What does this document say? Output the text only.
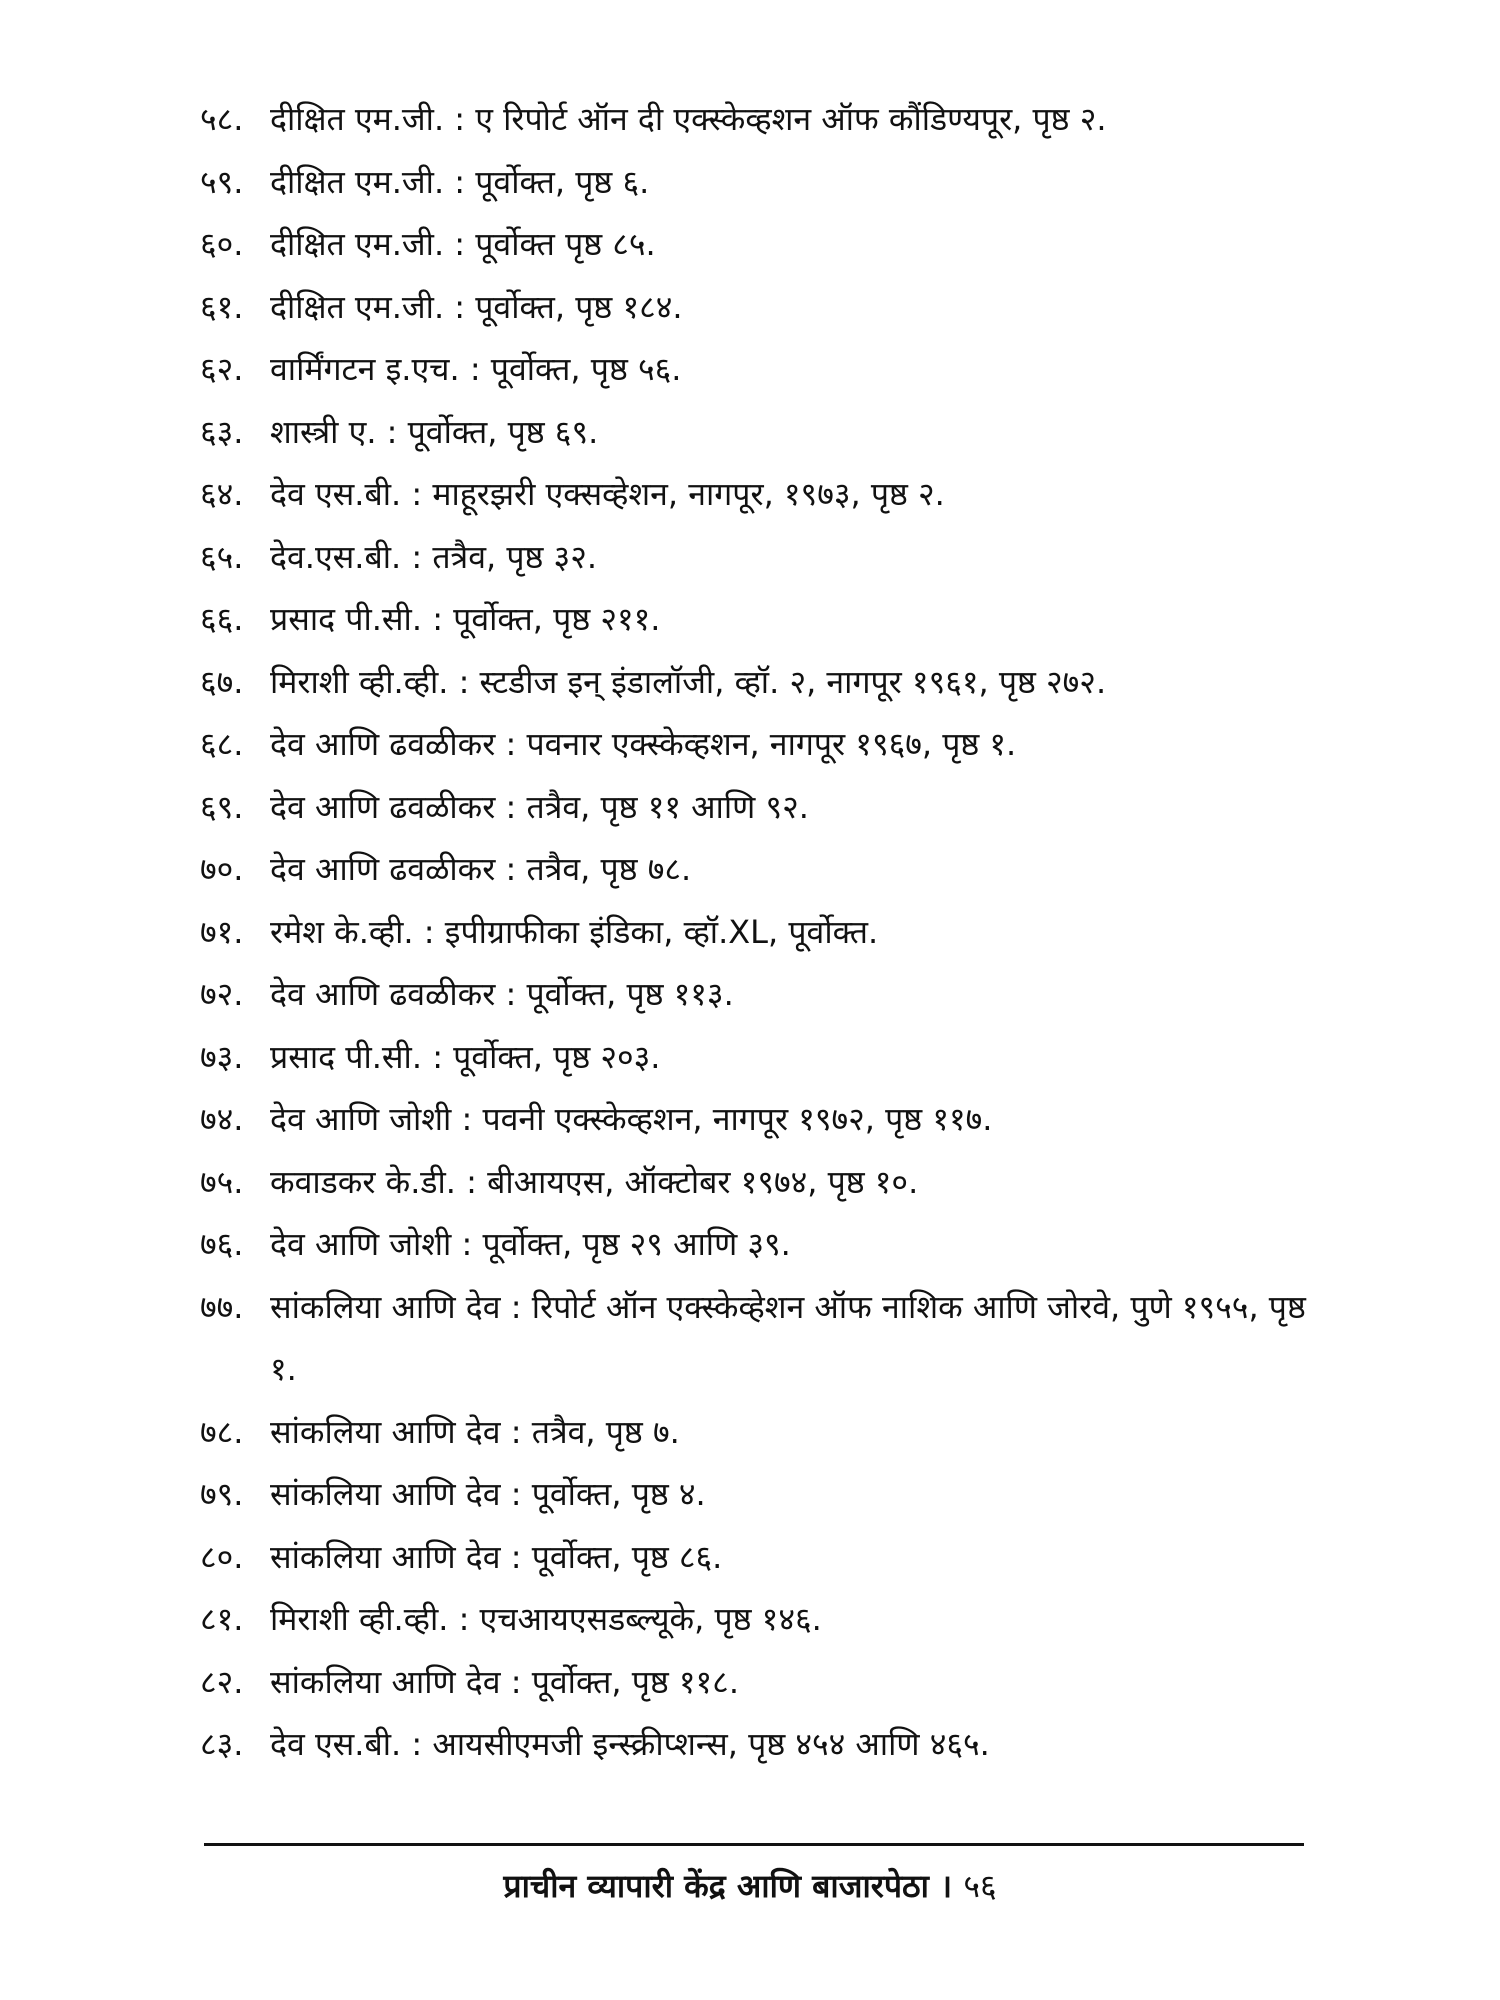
५८. दीक्षित एम.जी. : ए रिपोर्ट ऑन दी एक्स्केव्हशन ऑफ कौंडिण्यपूर, पृष्ठ २.
५९. दीक्षित एम.जी. : पूर्वोक्त, पृष्ठ ६.
६०. दीक्षित एम.जी. : पूर्वोक्त पृष्ठ ८५.
६१. दीक्षित एम.जी. : पूर्वोक्त, पृष्ठ १८४.
६२. वार्मिंगटन इ.एच. : पूर्वोक्त, पृष्ठ ५६.
६३. शास्त्री ए. : पूर्वोक्त, पृष्ठ ६९.
६४. देव एस.बी. : माहूरझरी एक्सव्हेशन, नागपूर, १९७३, पृष्ठ २.
६५. देव.एस.बी. : तत्रैव, पृष्ठ ३२.
६६. प्रसाद पी.सी. : पूर्वोक्त, पृष्ठ २११.
६७. मिराशी व्ही.व्ही. : स्टडीज इन् इंडालॉजी, व्हॉ. २, नागपूर १९६१, पृष्ठ २७२.
६८. देव आणि ढवळीकर : पवनार एक्स्केव्हशन, नागपूर १९६७, पृष्ठ १.
६९. देव आणि ढवळीकर : तत्रैव, पृष्ठ ११ आणि ९२.
७०. देव आणि ढवळीकर : तत्रैव, पृष्ठ ७८.
७१. रमेश के.व्ही. : इपीग्राफीका इंडिका, व्हॉ.XL, पूर्वोक्त.
७२. देव आणि ढवळीकर : पूर्वोक्त, पृष्ठ ११३.
७३. प्रसाद पी.सी. : पूर्वोक्त, पृष्ठ २०३.
७४. देव आणि जोशी : पवनी एक्स्केव्हशन, नागपूर १९७२, पृष्ठ ११७.
७५. कवाडकर के.डी. : बीआयएस, ऑक्टोबर १९७४, पृष्ठ १०.
७६. देव आणि जोशी : पूर्वोक्त, पृष्ठ २९ आणि ३९.
७७. सांकलिया आणि देव : रिपोर्ट ऑन एक्स्केव्हेशन ऑफ नाशिक आणि जोरवे, पुणे १९५५, पृष्ठ १.
७८. सांकलिया आणि देव : तत्रैव, पृष्ठ ७.
७९. सांकलिया आणि देव : पूर्वोक्त, पृष्ठ ४.
८०. सांकलिया आणि देव : पूर्वोक्त, पृष्ठ ८६.
८१. मिराशी व्ही.व्ही. : एचआयएसडब्ल्यूके, पृष्ठ १४६.
८२. सांकलिया आणि देव : पूर्वोक्त, पृष्ठ ११८.
८३. देव एस.बी. : आयसीएमजी इन्स्क्रीप्शन्स, पृष्ठ ४५४ आणि ४६५.
प्राचीन व्यापारी केंद्र आणि बाजारपेठा । ५६
